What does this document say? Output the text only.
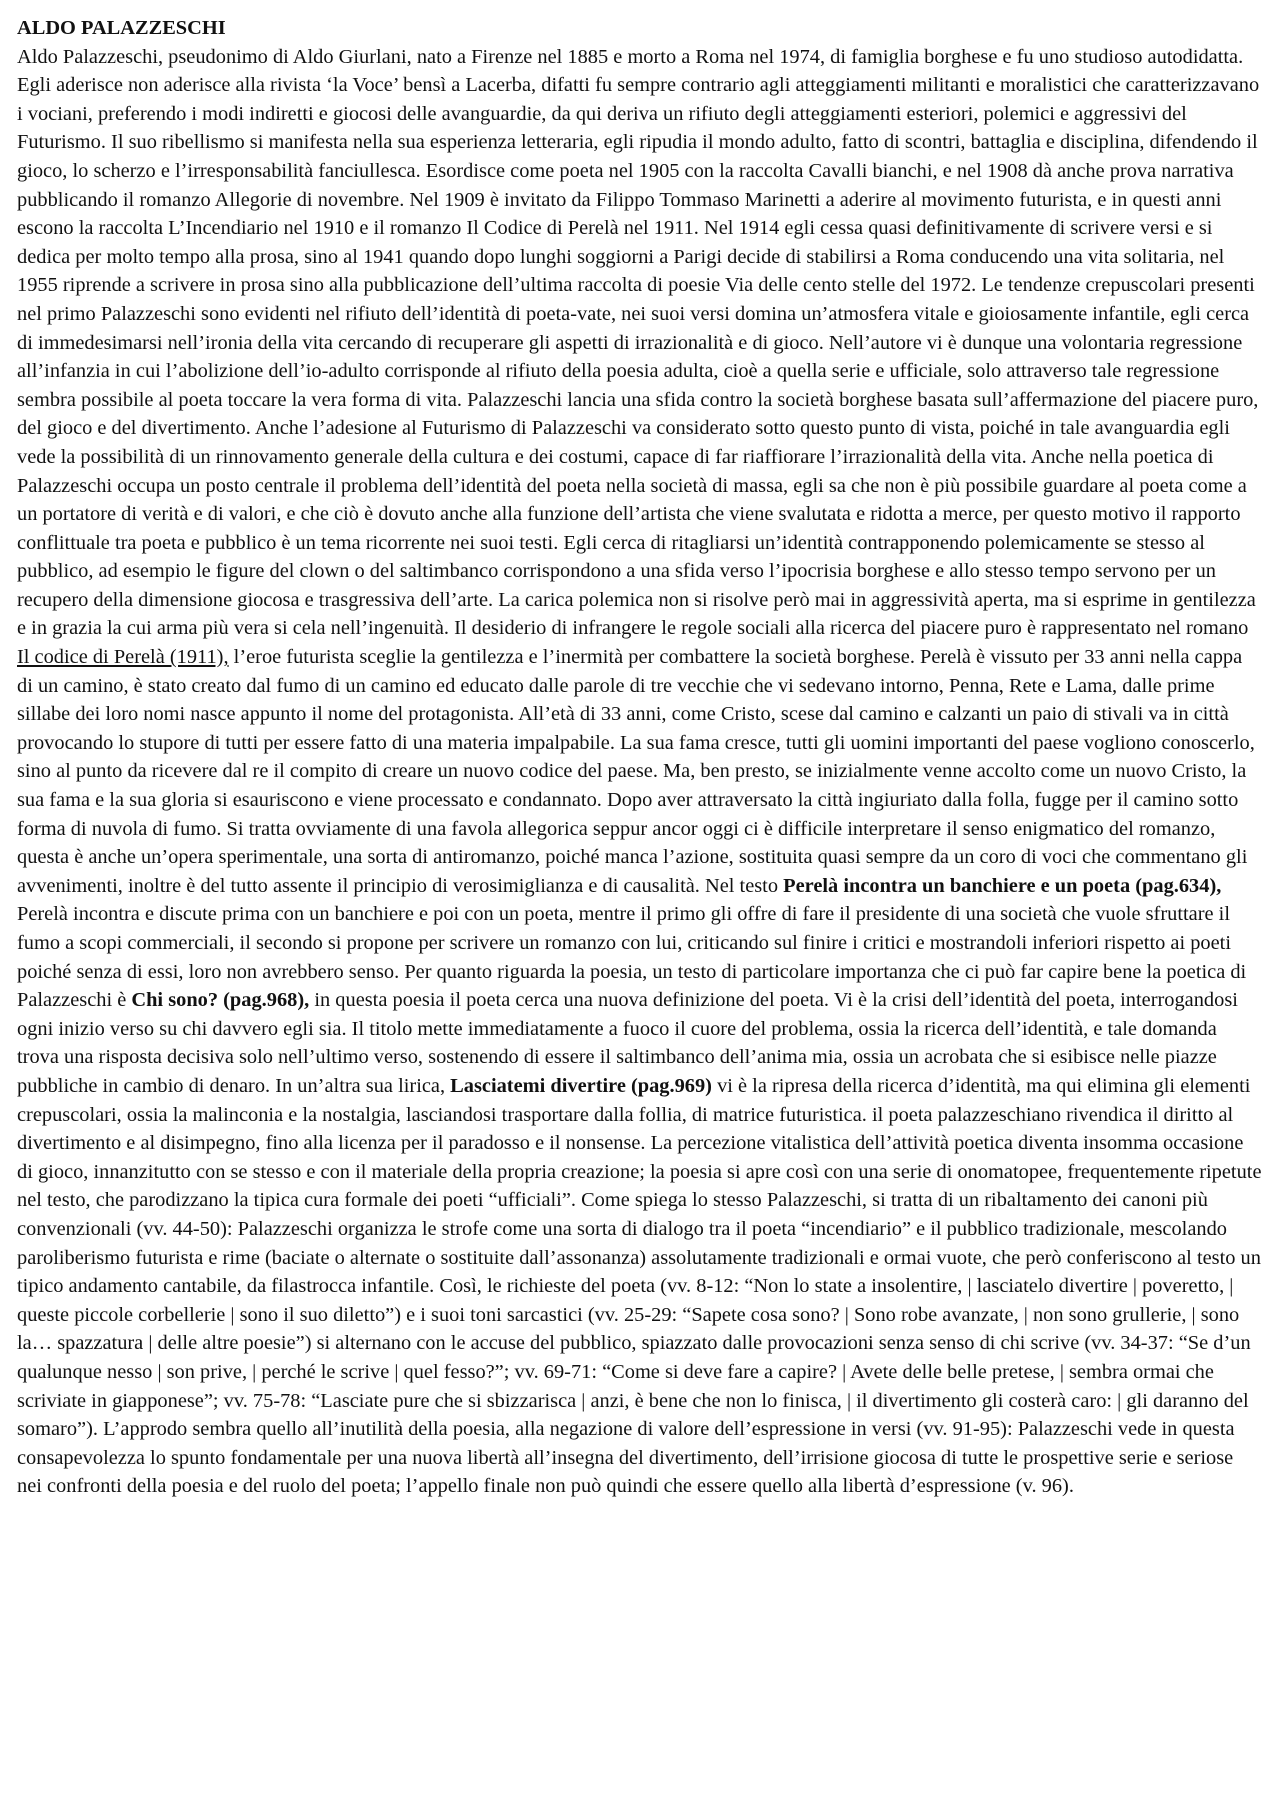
ALDO PALAZZESCHI

Aldo Palazzeschi, pseudonimo di Aldo Giurlani, nato a Firenze nel 1885 e morto a Roma nel 1974, di famiglia borghese e fu uno studioso autodidatta. Egli aderisce non aderisce alla rivista ‘la Voce’ bensì a Lacerba, difatti fu sempre contrario agli atteggiamenti militanti e moralistici che caratterizzavano i vociani, preferendo i modi indiretti e giocosi delle avanguardie, da qui deriva un rifiuto degli atteggiamenti esteriori, polemici e aggressivi del Futurismo. Il suo ribellismo si manifesta nella sua esperienza letteraria, egli ripudia il mondo adulto, fatto di scontri, battaglia e disciplina, difendendo il gioco, lo scherzo e l’irresponsabilità fanciullesca. Esordisce come poeta nel 1905 con la raccolta Cavalli bianchi, e nel 1908 dà anche prova narrativa pubblicando il romanzo Allegorie di novembre. Nel 1909 è invitato da Filippo Tommaso Marinetti a aderire al movimento futurista, e in questi anni escono la raccolta L’Incendiario nel 1910 e il romanzo Il Codice di Perelà nel 1911. Nel 1914 egli cessa quasi definitivamente di scrivere versi e si dedica per molto tempo alla prosa, sino al 1941 quando dopo lunghi soggiorni a Parigi decide di stabilirsi a Roma conducendo una vita solitaria, nel 1955 riprende a scrivere in prosa sino alla pubblicazione dell’ultima raccolta di poesie Via delle cento stelle del 1972. Le tendenze crepuscolari presenti nel primo Palazzeschi sono evidenti nel rifiuto dell’identità di poeta-vate, nei suoi versi domina un’atmosfera vitale e gioiosamente infantile, egli cerca di immedesimarsi nell’ironia della vita cercando di recuperare gli aspetti di irrazionalità e di gioco. Nell’autore vi è dunque una volontaria regressione all’infanzia in cui l’abolizione dell’io-adulto corrisponde al rifiuto della poesia adulta, cioè a quella serie e ufficiale, solo attraverso tale regressione sembra possibile al poeta toccare la vera forma di vita. Palazzeschi lancia una sfida contro la società borghese basata sull’affermazione del piacere puro, del gioco e del divertimento. Anche l’adesione al Futurismo di Palazzeschi va considerato sotto questo punto di vista, poiché in tale avanguardia egli vede la possibilità di un rinnovamento generale della cultura e dei costumi, capace di far riaffiorare l’irrazionalità della vita. Anche nella poetica di Palazzeschi occupa un posto centrale il problema dell’identità del poeta nella società di massa, egli sa che non è più possibile guardare al poeta come a un portatore di verità e di valori, e che ciò è dovuto anche alla funzione dell’artista che viene svalutata e ridotta a merce, per questo motivo il rapporto conflittuale tra poeta e pubblico è un tema ricorrente nei suoi testi. Egli cerca di ritagliarsi un’identità contrapponendo polemicamente se stesso al pubblico, ad esempio le figure del clown o del saltimbanco corrispondono a una sfida verso l’ipocrisia borghese e allo stesso tempo servono per un recupero della dimensione giocosa e trasgressiva dell’arte. La carica polemica non si risolve però mai in aggressività aperta, ma si esprime in gentilezza e in grazia la cui arma più vera si cela nell’ingenuità. Il desiderio di infrangere le regole sociali alla ricerca del piacere puro è rappresentato nel romano Il codice di Perelà (1911), l’eroe futurista sceglie la gentilezza e l’inermità per combattere la società borghese. Perelà è vissuto per 33 anni nella cappa di un camino, è stato creato dal fumo di un camino ed educato dalle parole di tre vecchie che vi sedevano intorno, Penna, Rete e Lama, dalle prime sillabe dei loro nomi nasce appunto il nome del protagonista. All’età di 33 anni, come Cristo, scese dal camino e calzanti un paio di stivali va in città provocando lo stupore di tutti per essere fatto di una materia impalpabile. La sua fama cresce, tutti gli uomini importanti del paese vogliono conoscerlo, sino al punto da ricevere dal re il compito di creare un nuovo codice del paese. Ma, ben presto, se inizialmente venne accolto come un nuovo Cristo, la sua fama e la sua gloria si esauriscono e viene processato e condannato. Dopo aver attraversato la città ingiuriato dalla folla, fugge per il camino sotto forma di nuvola di fumo. Si tratta ovviamente di una favola allegorica seppur ancor oggi ci è difficile interpretare il senso enigmatico del romanzo, questa è anche un’opera sperimentale, una sorta di antiromanzo, poiché manca l’azione, sostituita quasi sempre da un coro di voci che commentano gli avvenimenti, inoltre è del tutto assente il principio di verosimiglianza e di causalità. Nel testo Perelà incontra un banchiere e un poeta (pag.634), Perelà incontra e discute prima con un banchiere e poi con un poeta, mentre il primo gli offre di fare il presidente di una società che vuole sfruttare il fumo a scopi commerciali, il secondo si propone per scrivere un romanzo con lui, criticando sul finire i critici e mostrandoli inferiori rispetto ai poeti poiché senza di essi, loro non avrebbero senso. Per quanto riguarda la poesia, un testo di particolare importanza che ci può far capire bene la poetica di Palazzeschi è Chi sono? (pag.968), in questa poesia il poeta cerca una nuova definizione del poeta. Vi è la crisi dell’identità del poeta, interrogandosi ogni inizio verso su chi davvero egli sia. Il titolo mette immediatamente a fuoco il cuore del problema, ossia la ricerca dell’identità, e tale domanda trova una risposta decisiva solo nell’ultimo verso, sostenendo di essere il saltimbanco dell’anima mia, ossia un acrobata che si esibisce nelle piazze pubbliche in cambio di denaro. In un’altra sua lirica, Lasciatemi divertire (pag.969) vi è la ripresa della ricerca d’identità, ma qui elimina gli elementi crepuscolari, ossia la malinconia e la nostalgia, lasciandosi trasportare dalla follia, di matrice futuristica. il poeta palazzeschiano rivendica il diritto al divertimento e al disimpegno, fino alla licenza per il paradosso e il nonsense. La percezione vitalistica dell’attività poetica diventa insomma occasione di gioco, innanzitutto con se stesso e con il materiale della propria creazione; la poesia si apre così con una serie di onomatopee, frequentemente ripetute nel testo, che parodizzano la tipica cura formale dei poeti “ufficiali”. Come spiega lo stesso Palazzeschi, si tratta di un ribaltamento dei canoni più convenzionali (vv. 44-50): Palazzeschi organizza le strofe come una sorta di dialogo tra il poeta “incendiario” e il pubblico tradizionale, mescolando paroliberismo futurista e rime (baciate o alternate o sostituite dall’assonanza) assolutamente tradizionali e ormai vuote, che però conferiscono al testo un tipico andamento cantabile, da filastrocca infantile. Così, le richieste del poeta (vv. 8-12: “Non lo state a insolentire, | lasciatelo divertire | poveretto, | queste piccole corbellerie | sono il suo diletto”) e i suoi toni sarcastici (vv. 25-29: “Sapete cosa sono? | Sono robe avanzate, | non sono grullerie, | sono la… spazzatura | delle altre poesie”) si alternano con le accuse del pubblico, spiazzato dalle provocazioni senza senso di chi scrive (vv. 34-37: “Se d’un qualunque nesso | son prive, | perché le scrive | quel fesso?”; vv. 69-71: “Come si deve fare a capire? | Avete delle belle pretese, | sembra ormai che scriviate in giapponese”; vv. 75-78: “Lasciate pure che si sbizzarisca | anzi, è bene che non lo finisca, | il divertimento gli costerà caro: | gli daranno del somaro”). L’approdo sembra quello all’inutilità della poesia, alla negazione di valore dell’espressione in versi (vv. 91-95): Palazzeschi vede in questa consapevolezza lo spunto fondamentale per una nuova libertà all’insegna del divertimento, dell’irrisione giocosa di tutte le prospettive serie e seriose nei confronti della poesia e del ruolo del poeta; l’appello finale non può quindi che essere quello alla libertà d’espressione (v. 96).
